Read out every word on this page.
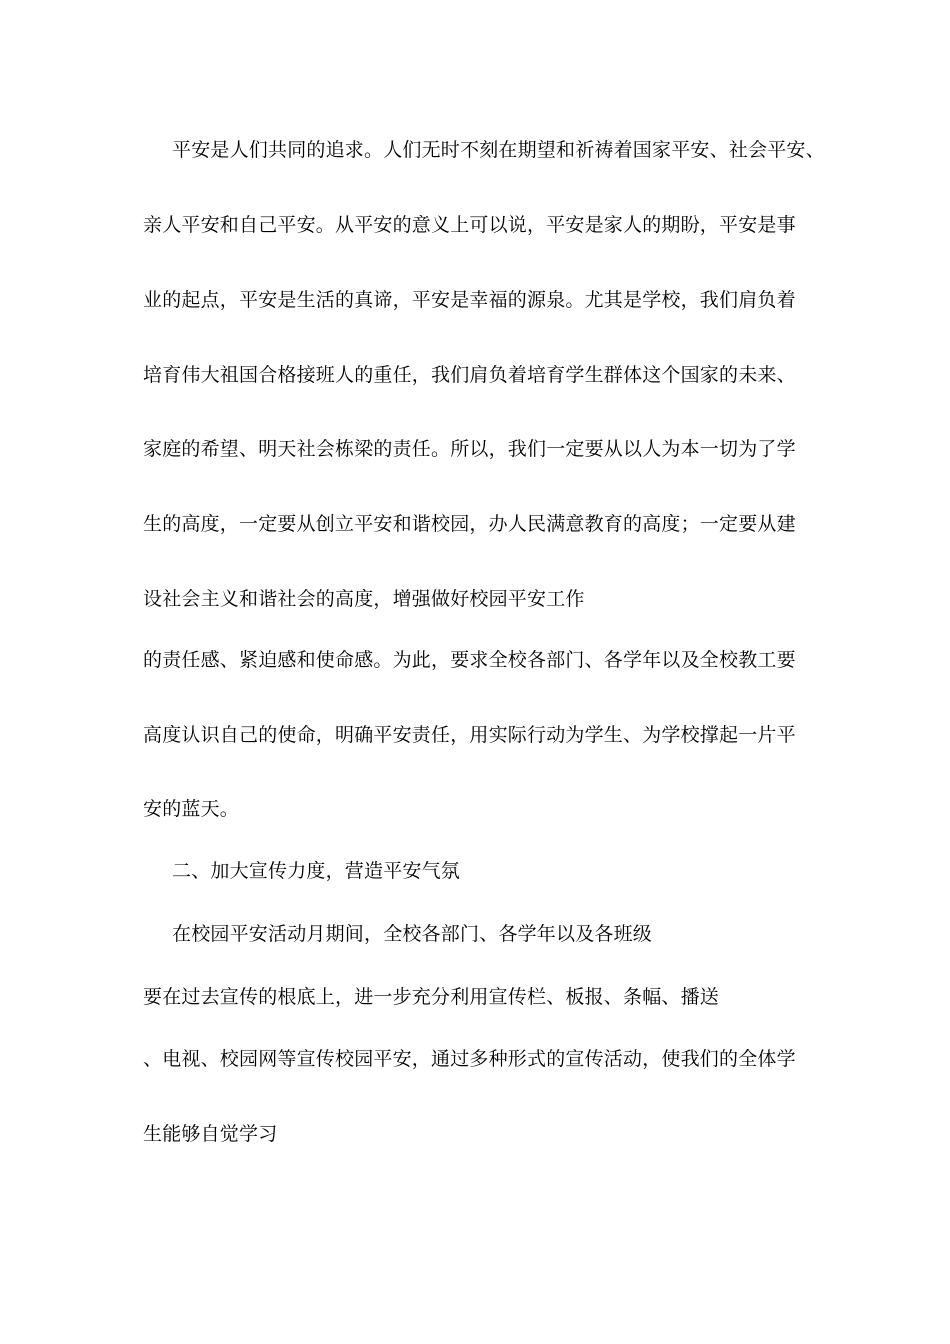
平安是人们共同的追求。人们无时不刻在期望和祈祷着国家平安、社会平安、
亲人平安和自己平安。从平安的意义上可以说，平安是家人的期盼，平安是事
业的起点，平安是生活的真谛，平安是幸福的源泉。尤其是学校，我们肩负着
培育伟大祖国合格接班人的重任，我们肩负着培育学生群体这个国家的未来、
家庭的希望、明天社会栋梁的责任。所以，我们一定要从以人为本一切为了学
生的高度，一定要从创立平安和谐校园，办人民满意教育的高度；一定要从建
设社会主义和谐社会的高度，增强做好校园平安工作
的责任感、紧迫感和使命感。为此，要求全校各部门、各学年以及全校教工要
高度认识自己的使命，明确平安责任，用实际行动为学生、为学校撑起一片平
安的蓝天。
二、加大宣传力度，营造平安气氛
在校园平安活动月期间，全校各部门、各学年以及各班级
要在过去宣传的根底上，进一步充分利用宣传栏、板报、条幅、播送
、电视、校园网等宣传校园平安，通过多种形式的宣传活动，使我们的全体学
生能够自觉学习
